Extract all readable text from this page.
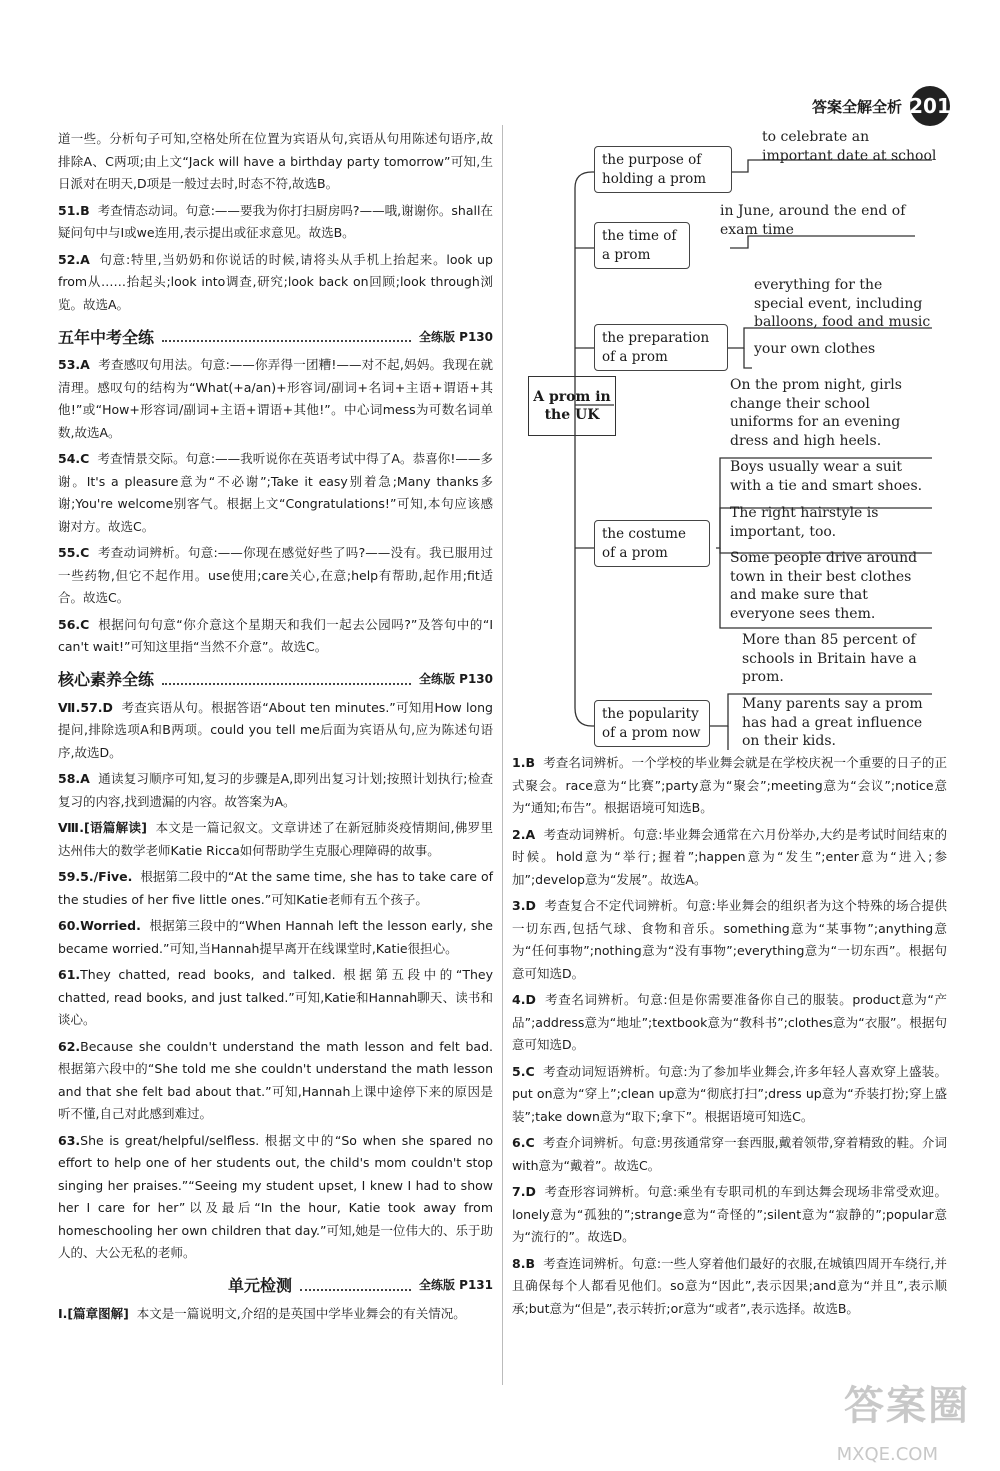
答案全解全析 201

道一些。分析句子可知,空格处所在位置为宾语从句,宾语从句用陈述句语序,故排除A、C两项;由上文“Jack will have a birthday party tomorrow”可知,生日派对在明天,D项是一般过去时,时态不符,故选B。

51.B 考查情态动词。句意:——要我为你打扫厨房吗?——哦,谢谢你。shall在疑问句中与I或we连用,表示提出或征求意见。故选B。

52.A 句意:特里,当奶奶和你说话的时候,请将头从手机上抬起来。look up from从……抬起头;look into调查,研究;look back on回顾;look through浏览。故选A。

五年中考全练	全练版 P130

53.A 考查感叹句用法。句意:——你弄得一团糟!——对不起,妈妈。我现在就清理。感叹句的结构为“What(+a/an)+形容词/副词+名词+主语+谓语+其他!”或“How+形容词/副词+主语+谓语+其他!”。中心词mess为可数名词单数,故选A。

54.C 考查情景交际。句意:——我听说你在英语考试中得了A。恭喜你!——多谢。It's a pleasure意为“不必谢”;Take it easy别着急;Many thanks多谢;You're welcome别客气。根据上文“Congratulations!”可知,本句应该感谢对方。故选C。

55.C 考查动词辨析。句意:——你现在感觉好些了吗?——没有。我已服用过一些药物,但它不起作用。use使用;care关心,在意;help有帮助,起作用;fit适合。故选C。

56.C 根据问句句意“你介意这个星期天和我们一起去公园吗?”及答句中的“I can't wait!”可知这里指“当然不介意”。故选C。

核心素养全练	全练版 P130

Ⅶ.57.D 考查宾语从句。根据答语“About ten minutes.”可知用How long提问,排除选项A和B两项。could you tell me后面为宾语从句,应为陈述句语序,故选D。

58.A 通读复习顺序可知,复习的步骤是A,即列出复习计划;按照计划执行;检查复习的内容,找到遗漏的内容。故答案为A。

Ⅷ.[语篇解读] 本文是一篇记叙文。文章讲述了在新冠肺炎疫情期间,佛罗里达州伟大的数学老师Katie Ricca如何帮助学生克服心理障碍的故事。

59.5./Five. 根据第二段中的“At the same time, she has to take care of the studies of her five little ones.”可知Katie老师有五个孩子。

60.Worried. 根据第三段中的“When Hannah left the lesson early, she became worried.”可知,当Hannah提早离开在线课堂时,Katie很担心。

61.They chatted, read books, and talked. 根据第五段中的“They chatted, read books, and just talked.”可知,Katie和Hannah聊天、读书和谈心。

62.Because she couldn't understand the math lesson and felt bad. 根据第六段中的“She told me she couldn't understand the math lesson and that she felt bad about that.”可知,Hannah上课中途停下来的原因是听不懂,自己对此感到难过。

63.She is great/helpful/selfless. 根据文中的“So when she spared no effort to help one of her students out, the child's mom couldn't stop singing her praises.”“Seeing my student upset, I knew I had to show her I care for her”以及最后“In the hour, Katie took away from homeschooling her own children that day.”可知,她是一位伟大的、乐于助人的、大公无私的老师。

单元检测	全练版 P131

Ⅰ.[篇章图解] 本文是一篇说明文,介绍的是英国中学毕业舞会的有关情况。

A prom in the UK
the purpose of holding a prom
the time of a prom
the preparation of a prom
the costume of a prom
the popularity of a prom now
to celebrate an important date at school
in June, around the end of exam time
everything for the special event, including balloons, food and music
your own clothes
On the prom night, girls change their school uniforms for an evening dress and high heels.
Boys usually wear a suit with a tie and smart shoes.
The right hairstyle is important, too.
Some people drive around town in their best clothes and make sure that everyone sees them.
More than 85 percent of schools in Britain have a prom.
Many parents say a prom has had a great influence on their kids.

1.B 考查名词辨析。一个学校的毕业舞会就是在学校庆祝一个重要的日子的正式聚会。race意为“比赛”;party意为“聚会”;meeting意为“会议”;notice意为“通知;布告”。根据语境可知选B。

2.A 考查动词辨析。句意:毕业舞会通常在六月份举办,大约是考试时间结束的时候。hold意为“举行;握着”;happen意为“发生”;enter意为“进入;参加”;develop意为“发展”。故选A。

3.D 考查复合不定代词辨析。句意:毕业舞会的组织者为这个特殊的场合提供一切东西,包括气球、食物和音乐。something意为“某事物”;anything意为“任何事物”;nothing意为“没有事物”;everything意为“一切东西”。根据句意可知选D。

4.D 考查名词辨析。句意:但是你需要准备你自己的服装。product意为“产品”;address意为“地址”;textbook意为“教科书”;clothes意为“衣服”。根据句意可知选D。

5.C 考查动词短语辨析。句意:为了参加毕业舞会,许多年轻人喜欢穿上盛装。put on意为“穿上”;clean up意为“彻底打扫”;dress up意为“乔装打扮;穿上盛装”;take down意为“取下;拿下”。根据语境可知选C。

6.C 考查介词辨析。句意:男孩通常穿一套西服,戴着领带,穿着精致的鞋。介词with意为“戴着”。故选C。

7.D 考查形容词辨析。句意:乘坐有专职司机的车到达舞会现场非常受欢迎。lonely意为“孤独的”;strange意为“奇怪的”;silent意为“寂静的”;popular意为“流行的”。故选D。

8.B 考查连词辨析。句意:一些人穿着他们最好的衣服,在城镇四周开车绕行,并且确保每个人都看见他们。so意为“因此”,表示因果;and意为“并且”,表示顺承;but意为“但是”,表示转折;or意为“或者”,表示选择。故选B。

答案圈
MXQE.COM
